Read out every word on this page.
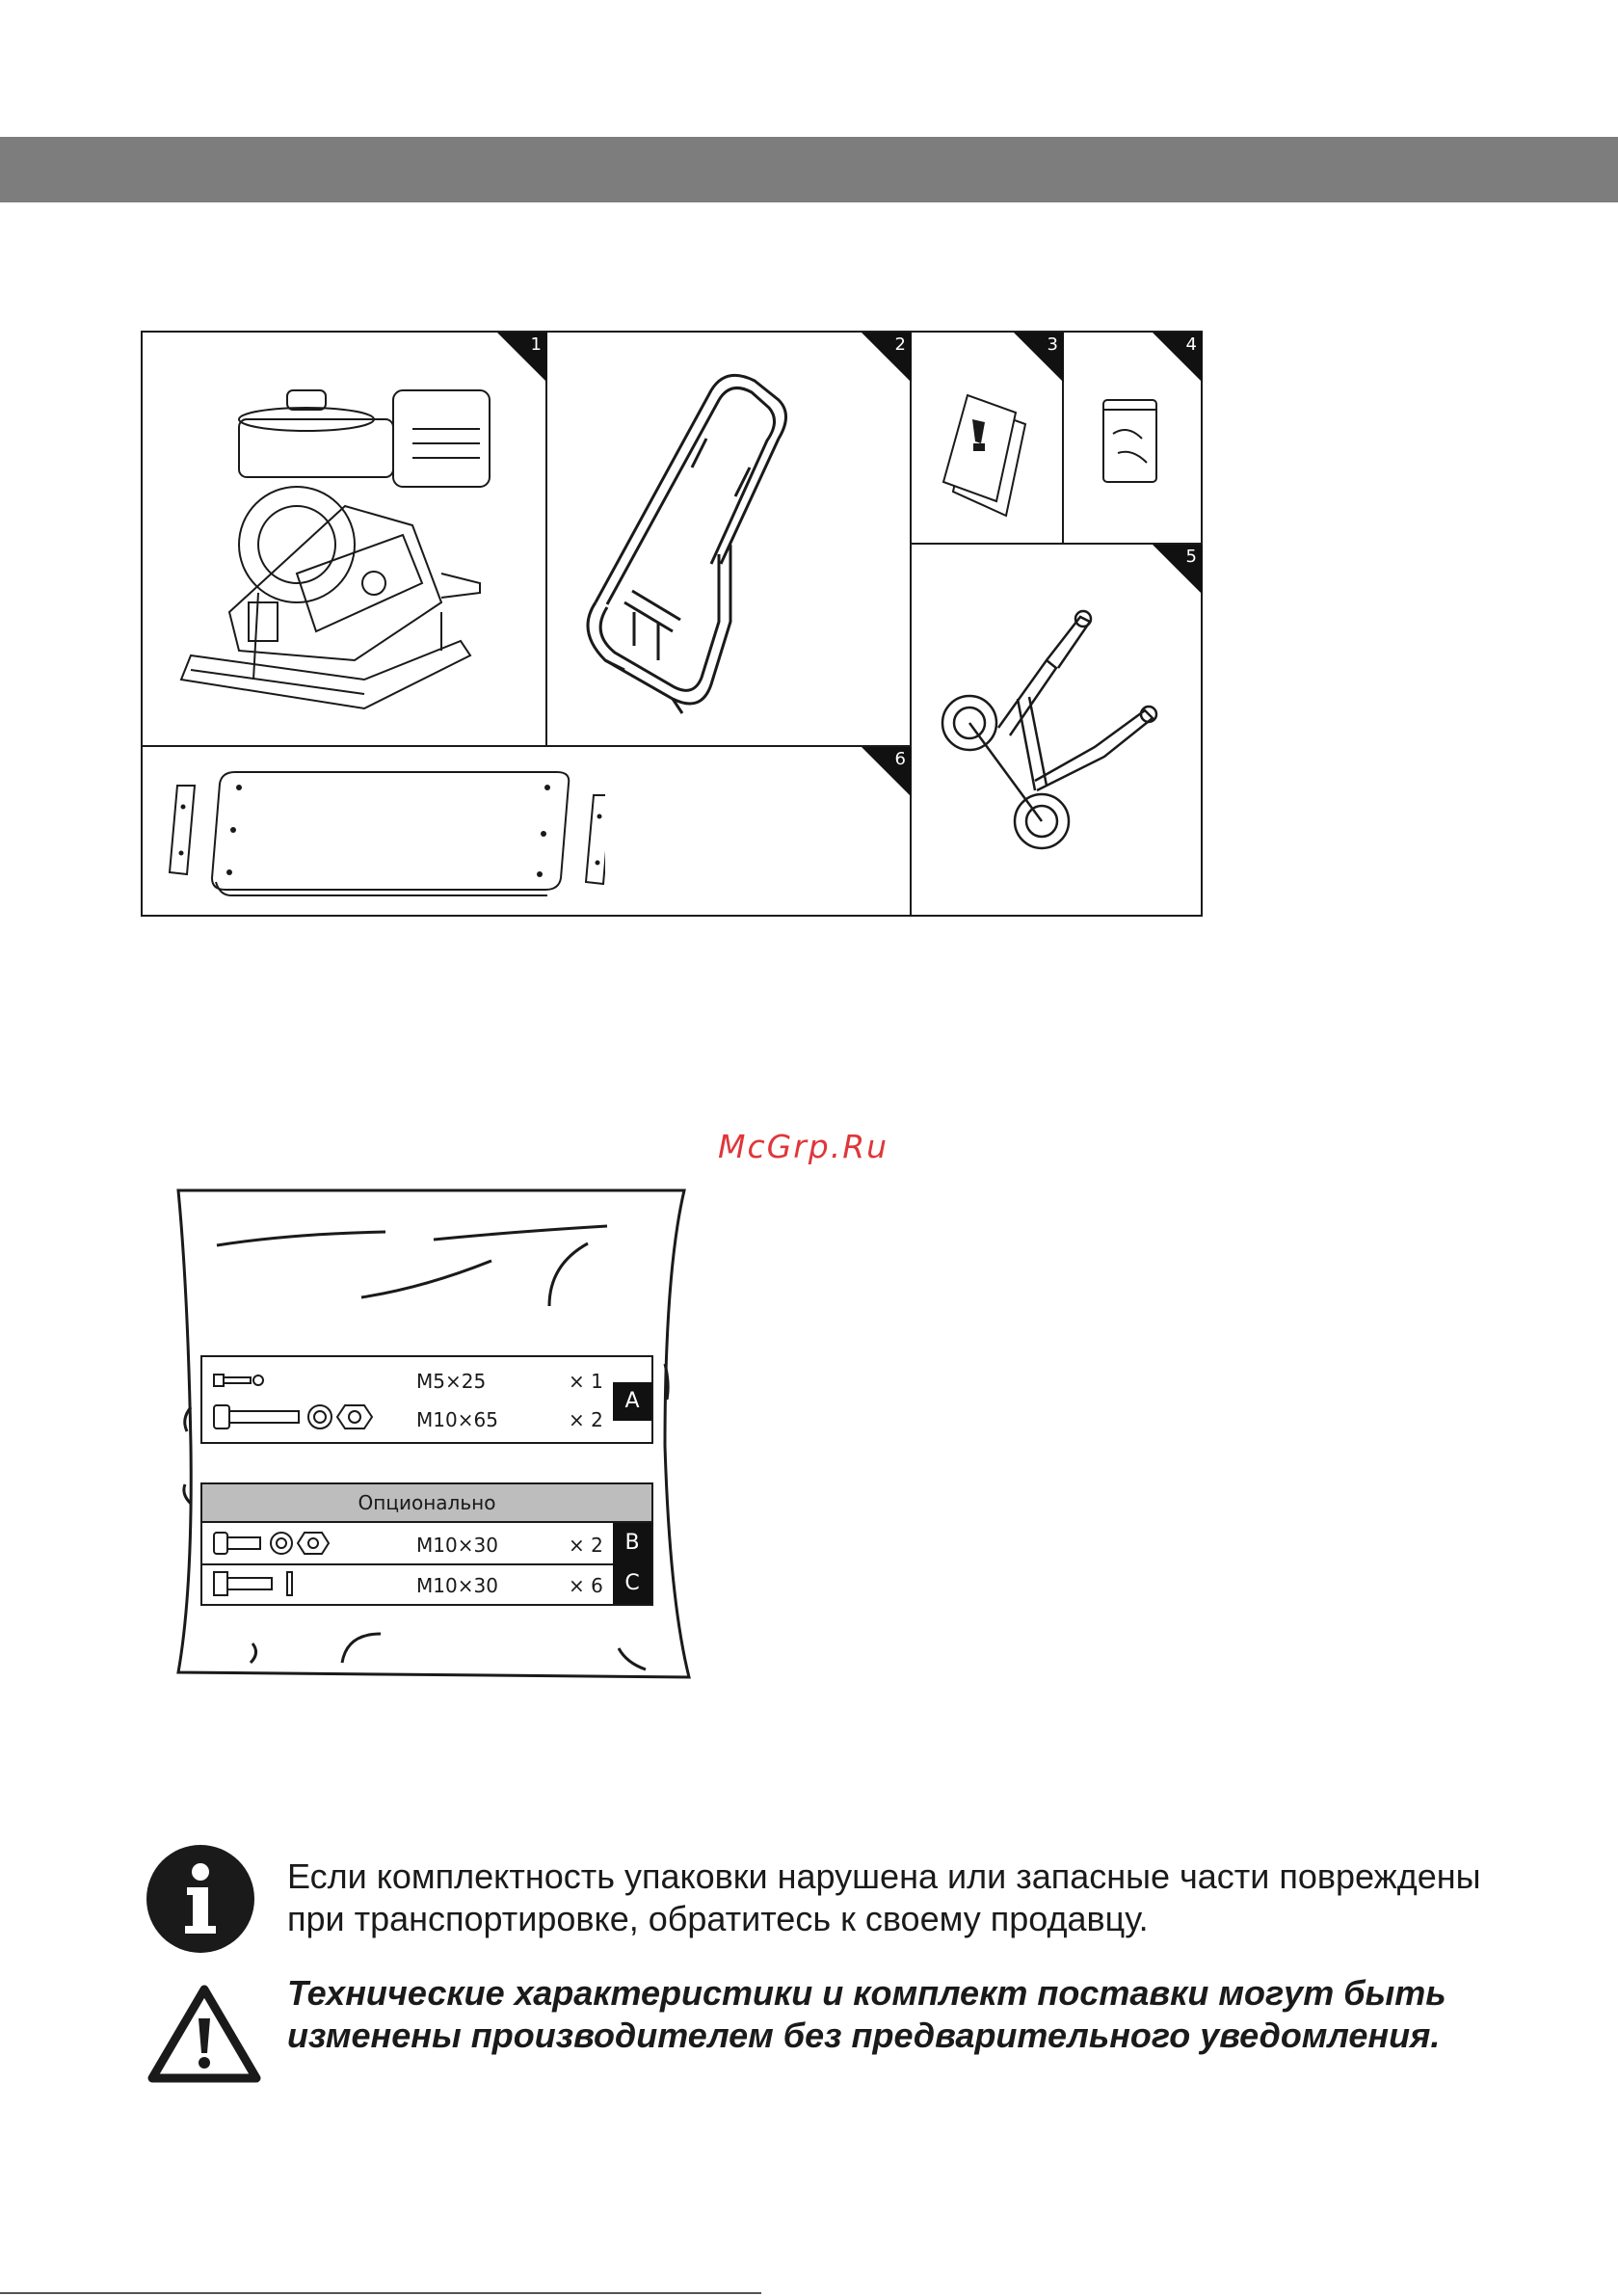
1	2	3	4
5
6
McGrp.Ru
M5×25	× 1
M10×65	× 2
A
Опционально
M10×30	× 2
M10×30	× 6
B
C
Если комплектность упаковки нарушена или запасные части повреждены при транспортировке, обратитесь к своему продавцу.
Технические характеристики и комплект поставки могут быть изменены производителем без предварительного уведомления.
